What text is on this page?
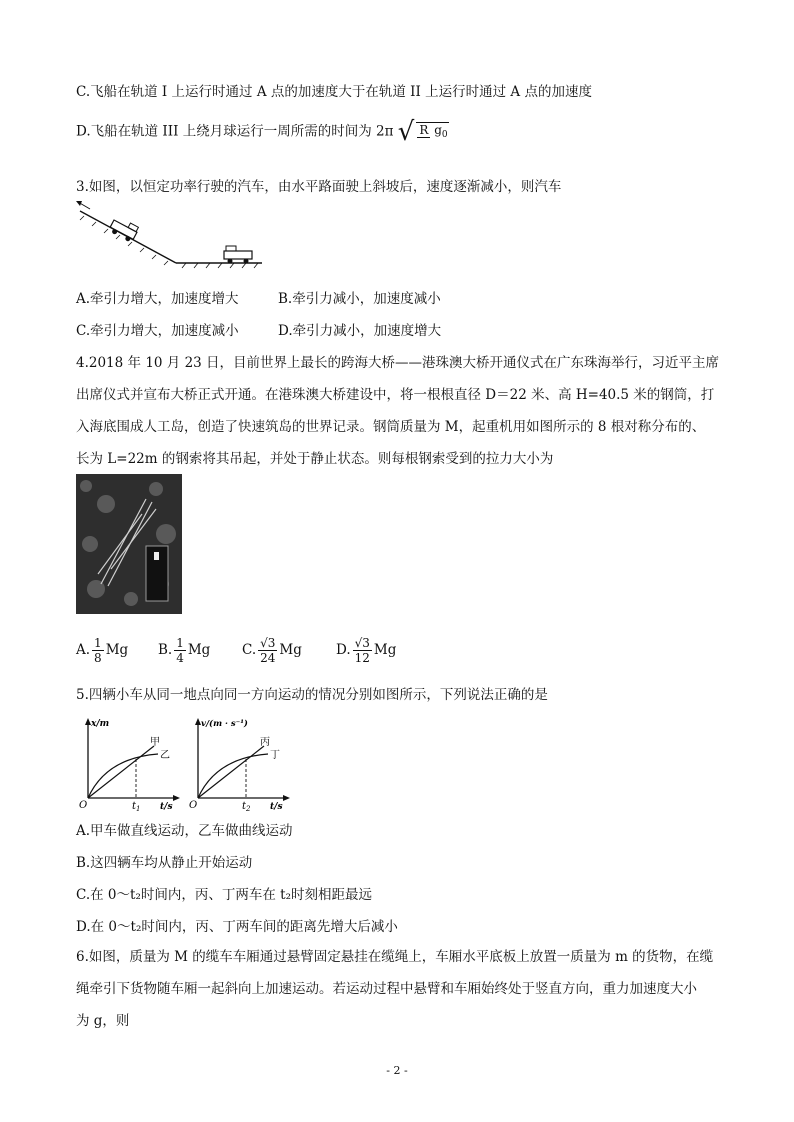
C.飞船在轨道 I 上运行时通过 A 点的加速度大于在轨道 II 上运行时通过 A 点的加速度
D.飞船在轨道 III 上绕月球运行一周所需的时间为 2π √ R $g_0$
3.如图，以恒定功率行驶的汽车，由水平路面驶上斜坡后，速度逐渐减小，则汽车
A.牵引力增大，加速度增大	B.牵引力减小，加速度减小
C.牵引力增大，加速度减小	D.牵引力减小，加速度增大
4.2018 年 10 月 23 日，目前世界上最长的跨海大桥——港珠澳大桥开通仪式在广东珠海举行，习近平主席
出席仪式并宣布大桥正式开通。在港珠澳大桥建设中，将一根根直径 D＝22 米、高 H=40.5 米的钢筒，打
入海底围成人工岛，创造了快速筑岛的世界记录。钢筒质量为 M，起重机用如图所示的 8 根对称分布的、
长为 L=22m 的钢索将其吊起，并处于静止状态。则每根钢索受到的拉力大小为
A. $\frac{1}{8}$ Mg B. $\frac{1}{4}$ Mg C. $\frac{√3}{24}$ Mg	D. $\frac{√3}{12}$ Mg
5.四辆小车从同一地点向同一方向运动的情况分别如图所示，下列说法正确的是
x/m
甲
乙
O	$t_1$ t/s
v/(m · s⁻¹)
丙
丁
O	$t_2$ t/s
A.甲车做直线运动，乙车做曲线运动
B.这四辆车均从静止开始运动
C.在 0～t₂时间内，丙、丁两车在 t₂时刻相距最远
D.在 0～t₂时间内，丙、丁两车间的距离先增大后减小
6.如图，质量为 M 的缆车车厢通过悬臂固定悬挂在缆绳上，车厢水平底板上放置一质量为 m 的货物，在缆
绳牵引下货物随车厢一起斜向上加速运动。若运动过程中悬臂和车厢始终处于竖直方向，重力加速度大小
为 g，则
- 2 -
